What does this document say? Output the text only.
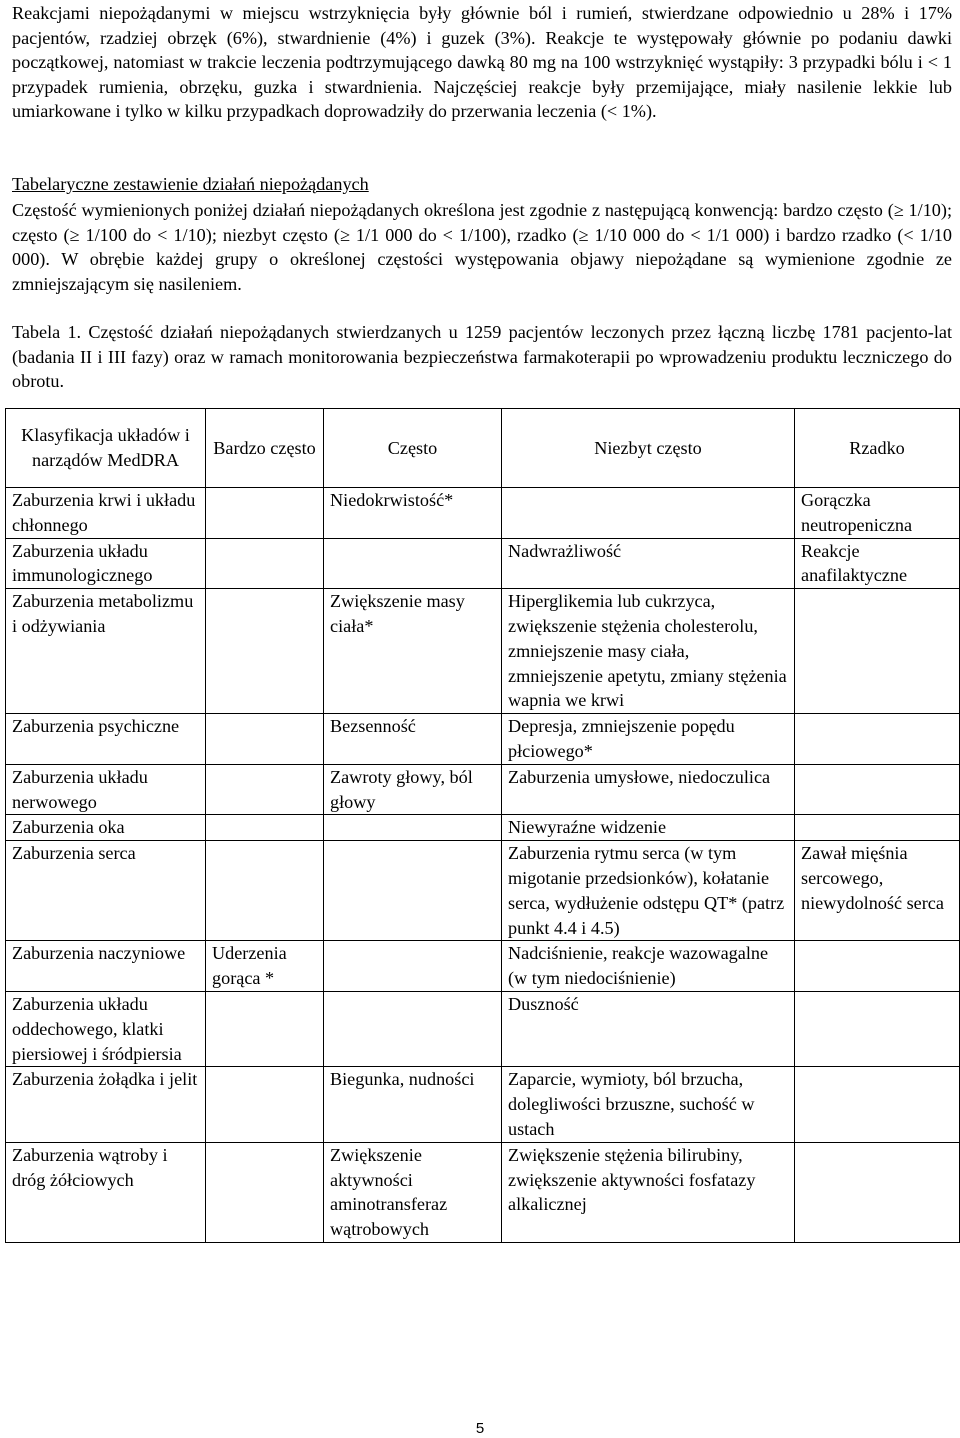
Reakcjami niepożądanymi w miejscu wstrzyknięcia były głównie ból i rumień, stwierdzane odpowiednio u 28% i 17% pacjentów, rzadziej obrzęk (6%), stwardnienie (4%) i guzek (3%). Reakcje te występowały głównie po podaniu dawki początkowej, natomiast w trakcie leczenia podtrzymującego dawką 80 mg na 100 wstrzyknięć wystąpiły: 3 przypadki bólu i < 1 przypadek rumienia, obrzęku, guzka i stwardnienia. Najczęściej reakcje były przemijające, miały nasilenie lekkie lub umiarkowane i tylko w kilku przypadkach doprowadziły do przerwania leczenia (< 1%).

Tabelaryczne zestawienie działań niepożądanych

Częstość wymienionych poniżej działań niepożądanych określona jest zgodnie z następującą konwencją: bardzo często (≥ 1/10); często (≥ 1/100 do < 1/10); niezbyt często (≥ 1/1 000 do < 1/100), rzadko (≥ 1/10 000 do < 1/1 000) i bardzo rzadko (< 1/10 000). W obrębie każdej grupy o określonej częstości występowania objawy niepożądane są wymienione zgodnie ze zmniejszającym się nasileniem.

Tabela 1. Częstość działań niepożądanych stwierdzanych u 1259 pacjentów leczonych przez łączną liczbę 1781 pacjento-lat (badania II i III fazy) oraz w ramach monitorowania bezpieczeństwa farmakoterapii po wprowadzeniu produktu leczniczego do obrotu.

Klasyfikacja układów i narządów MedDRA	Bardzo często	Często	Niezbyt często	Rzadko
Zaburzenia krwi i układu chłonnego		Niedokrwistość*		Gorączka neutropeniczna
Zaburzenia układu immunologicznego			Nadwrażliwość	Reakcje anafilaktyczne
Zaburzenia metabolizmu i odżywiania		Zwiększenie masy ciała*	Hiperglikemia lub cukrzyca, zwiększenie stężenia cholesterolu, zmniejszenie masy ciała, zmniejszenie apetytu, zmiany stężenia wapnia we krwi	
Zaburzenia psychiczne		Bezsenność	Depresja, zmniejszenie popędu płciowego*	
Zaburzenia układu nerwowego		Zawroty głowy, ból głowy	Zaburzenia umysłowe, niedoczulica	
Zaburzenia oka			Niewyraźne widzenie	
Zaburzenia serca			Zaburzenia rytmu serca (w tym migotanie przedsionków), kołatanie serca, wydłużenie odstępu QT* (patrz punkt 4.4 i 4.5)	Zawał mięśnia sercowego, niewydolność serca
Zaburzenia naczyniowe	Uderzenia gorąca *		Nadciśnienie, reakcje wazowagalne (w tym niedociśnienie)	
Zaburzenia układu oddechowego, klatki piersiowej i śródpiersia			Duszność	
Zaburzenia żołądka i jelit		Biegunka, nudności	Zaparcie, wymioty, ból brzucha, dolegliwości brzuszne, suchość w ustach	
Zaburzenia wątroby i dróg żółciowych		Zwiększenie aktywności aminotransferaz wątrobowych	Zwiększenie stężenia bilirubiny, zwiększenie aktywności fosfatazy alkalicznej	
5
